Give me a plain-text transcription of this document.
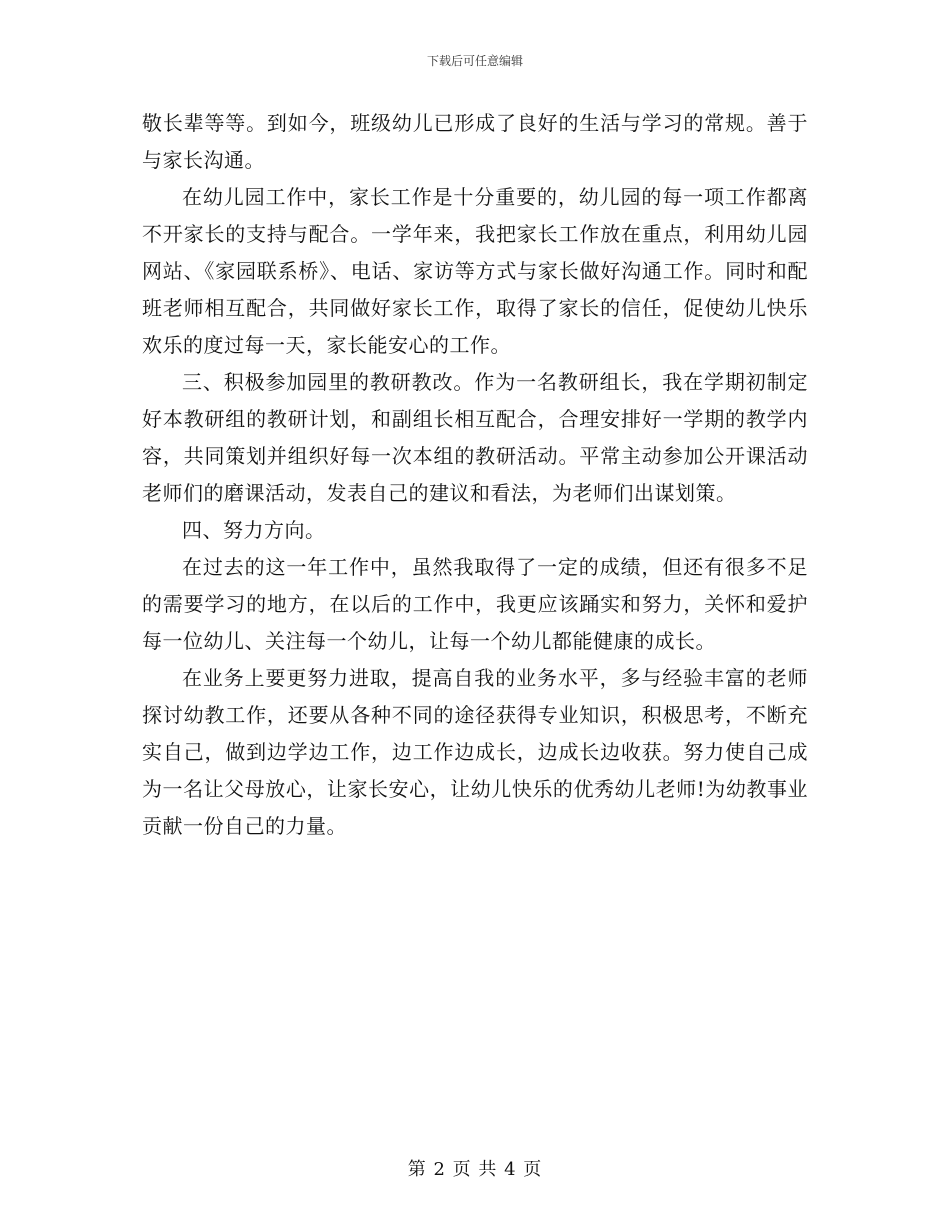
下载后可任意编辑

敬长辈等等。到如今，班级幼儿已形成了良好的生活与学习的常规。善于与家长沟通。

在幼儿园工作中，家长工作是十分重要的，幼儿园的每一项工作都离不开家长的支持与配合。一学年来，我把家长工作放在重点，利用幼儿园网站、《家园联系桥》、电话、家访等方式与家长做好沟通工作。同时和配班老师相互配合，共同做好家长工作，取得了家长的信任，促使幼儿快乐欢乐的度过每一天，家长能安心的工作。

三、积极参加园里的教研教改。作为一名教研组长，我在学期初制定好本教研组的教研计划，和副组长相互配合，合理安排好一学期的教学内容，共同策划并组织好每一次本组的教研活动。平常主动参加公开课活动老师们的磨课活动，发表自己的建议和看法，为老师们出谋划策。

四、努力方向。

在过去的这一年工作中，虽然我取得了一定的成绩，但还有很多不足的需要学习的地方，在以后的工作中，我更应该踊实和努力，关怀和爱护每一位幼儿、关注每一个幼儿，让每一个幼儿都能健康的成长。

在业务上要更努力进取，提高自我的业务水平，多与经验丰富的老师探讨幼教工作，还要从各种不同的途径获得专业知识，积极思考，不断充实自己，做到边学边工作，边工作边成长，边成长边收获。努力使自己成为一名让父母放心，让家长安心，让幼儿快乐的优秀幼儿老师!为幼教事业贡献一份自己的力量。

第 2 页 共 4 页
